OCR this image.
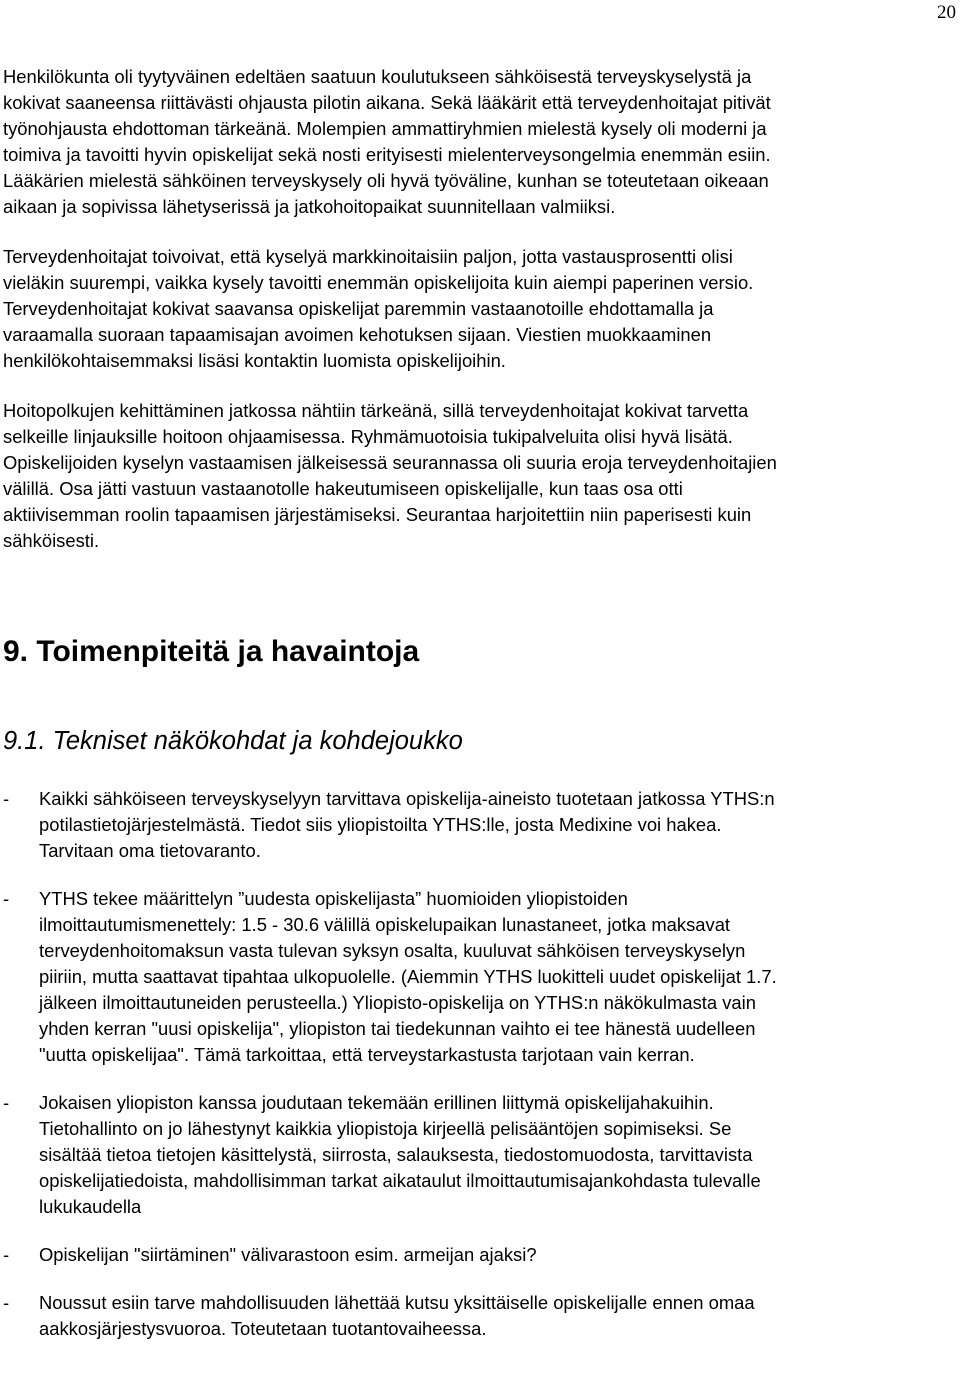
20
Henkilökunta oli tyytyväinen edeltäen saatuun koulutukseen sähköisestä terveyskyselystä ja
kokivat saaneensa riittävästi ohjausta pilotin aikana. Sekä lääkärit että terveydenhoitajat pitivät
työnohjausta ehdottoman tärkeänä. Molempien ammattiryhmien mielestä kysely oli moderni ja
toimiva ja tavoitti hyvin opiskelijat sekä nosti erityisesti mielenterveysongelmia enemmän esiin.
Lääkärien mielestä sähköinen terveyskysely oli hyvä työväline, kunhan se toteutetaan oikeaan
aikaan ja sopivissa lähetyserissä ja jatkohoitopaikat suunnitellaan valmiiksi.
Terveydenhoitajat toivoivat, että kyselyä markkinoitaisiin paljon, jotta vastausprosentti olisi
vieläkin suurempi, vaikka kysely tavoitti enemmän opiskelijoita kuin aiempi paperinen versio.
Terveydenhoitajat kokivat saavansa opiskelijat paremmin vastaanotoille ehdottamalla ja
varaamalla suoraan tapaamisajan avoimen kehotuksen sijaan. Viestien muokkaaminen
henkilökohtaisemmaksi lisäsi kontaktin luomista opiskelijoihin.
Hoitopolkujen kehittäminen jatkossa nähtiin tärkeänä, sillä terveydenhoitajat kokivat tarvetta
selkeille linjauksille hoitoon ohjaamisessa. Ryhmämuotoisia tukipalveluita olisi hyvä lisätä.
Opiskelijoiden kyselyn vastaamisen jälkeisessä seurannassa oli suuria eroja terveydenhoitajien
välillä. Osa jätti vastuun vastaanotolle hakeutumiseen opiskelijalle, kun taas osa otti
aktiivisemman roolin tapaamisen järjestämiseksi. Seurantaa harjoitettiin niin paperisesti kuin
sähköisesti.
9. Toimenpiteitä ja havaintoja
9.1. Tekniset näkökohdat ja kohdejoukko
- Kaikki sähköiseen terveyskyselyyn tarvittava opiskelija-aineisto tuotetaan jatkossa YTHS:n
potilastietojärjestelmästä. Tiedot siis yliopistoilta YTHS:lle, josta Medixine voi hakea.
Tarvitaan oma tietovaranto.
- YTHS tekee määrittelyn ”uudesta opiskelijasta” huomioiden yliopistoiden
ilmoittautumismenettely: 1.5 - 30.6 välillä opiskelupaikan lunastaneet, jotka maksavat
terveydenhoitomaksun vasta tulevan syksyn osalta, kuuluvat sähköisen terveyskyselyn
piiriin, mutta saattavat tipahtaa ulkopuolelle. (Aiemmin YTHS luokitteli uudet opiskelijat 1.7.
jälkeen ilmoittautuneiden perusteella.) Yliopisto-opiskelija on YTHS:n näkökulmasta vain
yhden kerran "uusi opiskelija", yliopiston tai tiedekunnan vaihto ei tee hänestä uudelleen
"uutta opiskelijaa". Tämä tarkoittaa, että terveystarkastusta tarjotaan vain kerran.
- Jokaisen yliopiston kanssa joudutaan tekemään erillinen liittymä opiskelijahakuihin.
Tietohallinto on jo lähestynyt kaikkia yliopistoja kirjeellä pelisääntöjen sopimiseksi. Se
sisältää tietoa tietojen käsittelystä, siirrosta, salauksesta, tiedostomuodosta, tarvittavista
opiskelijatiedoista, mahdollisimman tarkat aikataulut ilmoittautumisajankohdasta tulevalle
lukukaudella
- Opiskelijan "siirtäminen" välivarastoon esim. armeijan ajaksi?
- Noussut esiin tarve mahdollisuuden lähettää kutsu yksittäiselle opiskelijalle ennen omaa
aakkosjärjestysvuoroa. Toteutetaan tuotantovaiheessa.
